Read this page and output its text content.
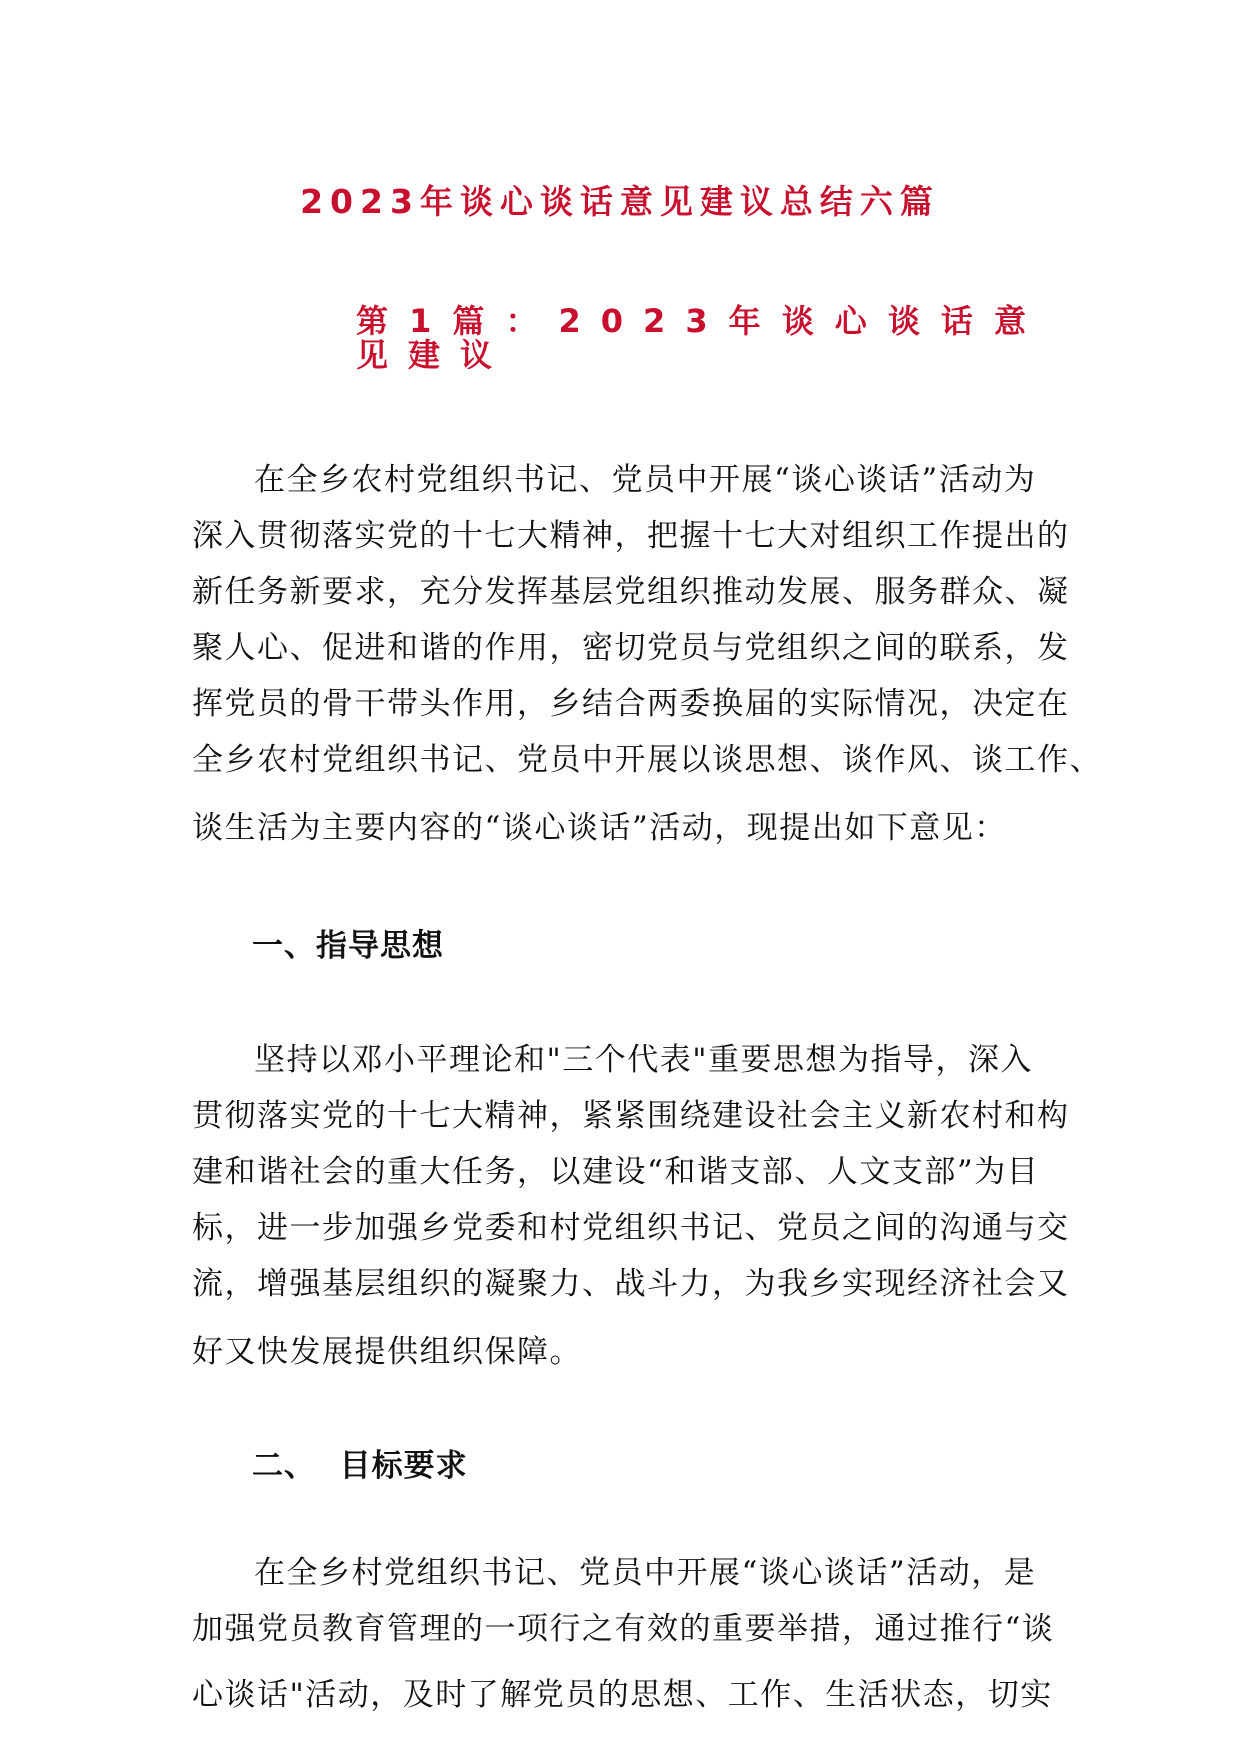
2023年谈心谈话意见建议总结六篇
第1篇：2023年谈心谈话意见建议
在全乡农村党组织书记、党员中开展“谈心谈话”活动为
深入贯彻落实党的十七大精神，把握十七大对组织工作提出的
新任务新要求，充分发挥基层党组织推动发展、服务群众、凝
聚人心、促进和谐的作用，密切党员与党组织之间的联系，发
挥党员的骨干带头作用，乡结合两委换届的实际情况，决定在
全乡农村党组织书记、党员中开展以谈思想、谈作风、谈工作、
谈生活为主要内容的“谈心谈话”活动，现提出如下意见：
一、指导思想
坚持以邓小平理论和"三个代表"重要思想为指导，深入
贯彻落实党的十七大精神，紧紧围绕建设社会主义新农村和构
建和谐社会的重大任务，以建设“和谐支部、人文支部”为目
标，进一步加强乡党委和村党组织书记、党员之间的沟通与交
流，增强基层组织的凝聚力、战斗力，为我乡实现经济社会又
好又快发展提供组织保障。
二、  目标要求
在全乡村党组织书记、党员中开展“谈心谈话”活动，是
加强党员教育管理的一项行之有效的重要举措，通过推行“谈
心谈话"活动，及时了解党员的思想、工作、生活状态，切实
